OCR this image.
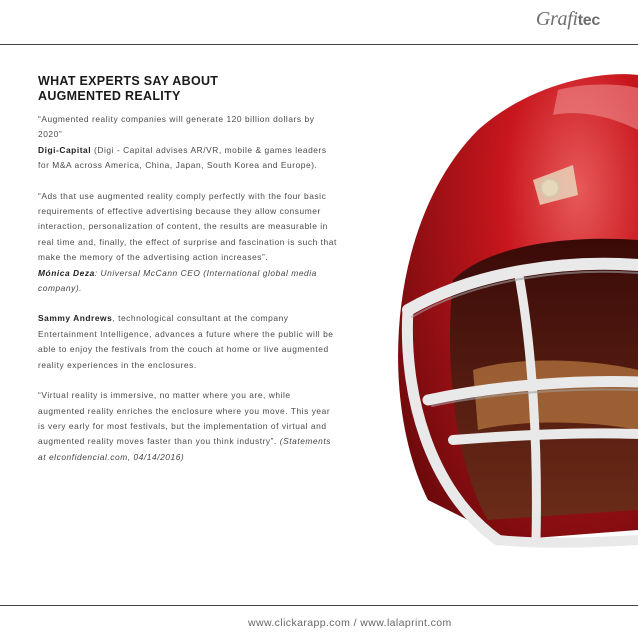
Grafitec
WHAT EXPERTS SAY ABOUT
AUGMENTED REALITY

“Augmented reality companies will generate 120 billion dollars by 2020”
Digi-Capital (Digi - Capital advises AR/VR, mobile & games leaders for M&A across America, China, Japan, South Korea and Europe).

“Ads that use augmented reality comply perfectly with the four basic requirements of effective advertising because they allow consumer interaction, personalization of content, the results are measurable in real time and, finally, the effect of surprise and fascination is such that make the memory of the advertising action increases”.
Mónica Deza: Universal McCann CEO (International global media company).

Sammy Andrews, technological consultant at the company Entertainment Intelligence, advances a future where the public will be able to enjoy the festivals from the couch at home or live augmented reality experiences in the enclosures.

“Virtual reality is immersive, no matter where you are, while augmented reality enriches the enclosure where you move. This year is very early for most festivals, but the implementation of virtual and augmented reality moves faster than you think industry”. (Statements at elconfidencial.com, 04/14/2016)

www.clickarapp.com / www.lalaprint.com
